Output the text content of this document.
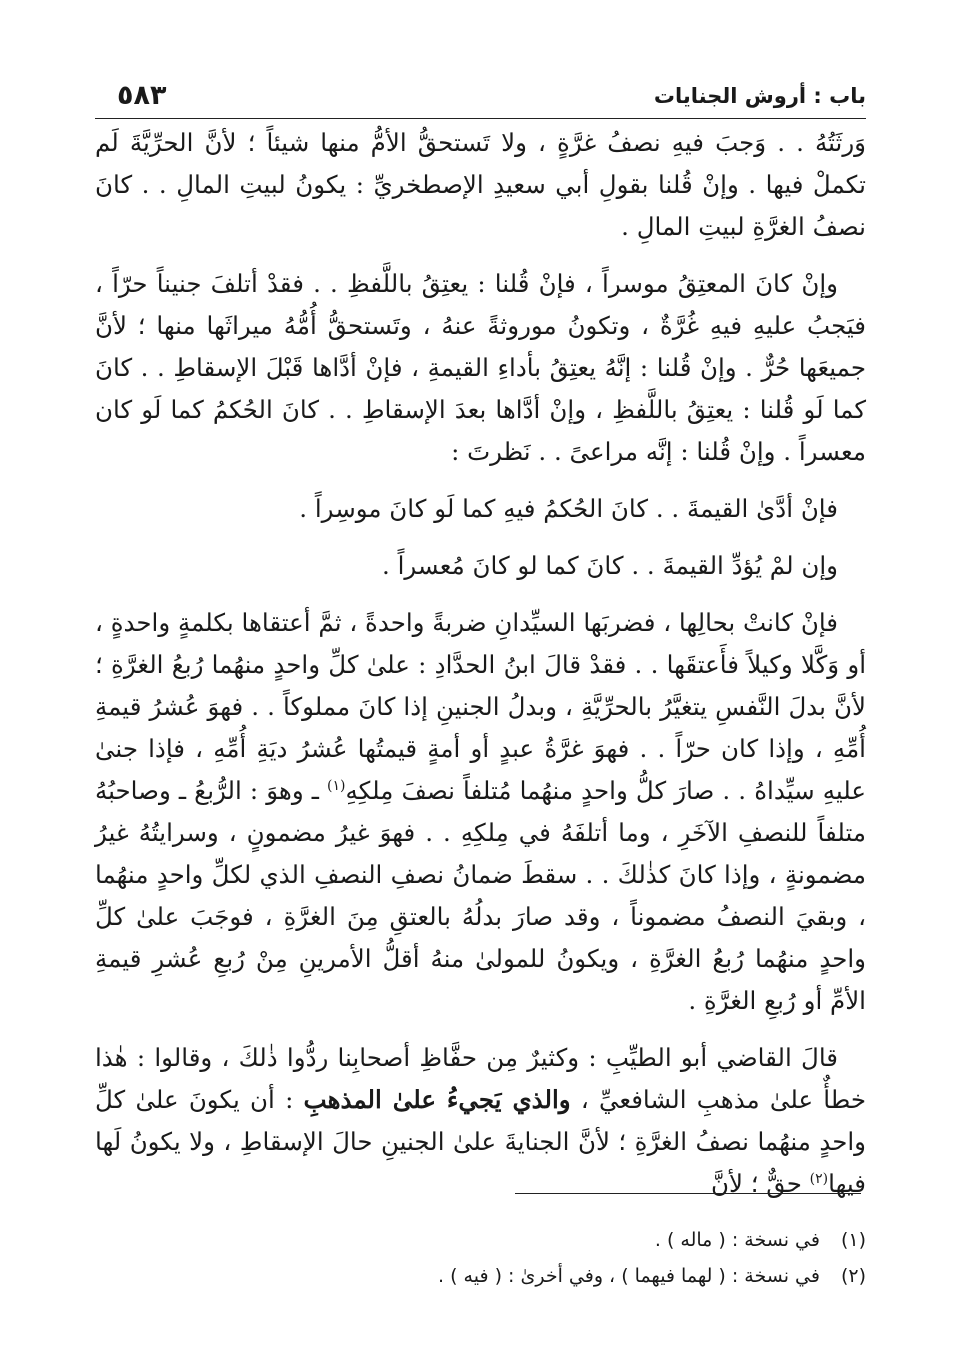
باب : أروش الجنايات
٥٨٣

وَرثَتُهُ . . وَجبَ فيهِ نصفُ غرَّةٍ ، ولا تَستحقُّ الأمُّ منها شيئاً ؛ لأنَّ الحرِّيَّةَ لَم تكملْ فيها . وإنْ قُلنا بقولِ أبي سعيدِ الإصطخريِّ : يكونُ لبيتِ المالِ . . كانَ نصفُ الغرَّةِ لبيتِ المالِ .

وإنْ كانَ المعتِقُ موسراً ، فإنْ قُلنا : يعتِقُ باللَّفظِ . . فقدْ أتلفَ جنيناً حرّاً ، فيَجبُ عليهِ فيهِ غُرَّةٌ ، وتكونُ موروثةً عنهُ ، وتَستحقُّ أُمُّهُ ميراثَها منها ؛ لأنَّ جميعَها حُرٌّ . وإنْ قُلنا : إنَّهُ يعتِقُ بأداءِ القيمةِ ، فإنْ أدَّاها قَبْلَ الإسقاطِ . . كانَ كما لَو قُلنا : يعتِقُ باللَّفظِ ، وإنْ أدَّاها بعدَ الإسقاطِ . . كانَ الحُكمُ كما لَو كان معسراً . وإنْ قُلنا : إنَّه مراعىً . . نَظرتَ :

فإنْ أدَّىٰ القيمةَ . . كانَ الحُكمُ فيهِ كما لَو كانَ موسِراً .

وإن لمْ يُؤدِّ القيمةَ . . كانَ كما لو كانَ مُعسراً .

فإنْ كانتْ بحالِها ، فضربَها السيِّدانِ ضربةً واحدةً ، ثمَّ أعتقاها بكلمةٍ واحدةٍ ، أو وَكَّلا وكيلاً فأَعتقَها . . فقدْ قالَ ابنُ الحدَّادِ : علىٰ كلِّ واحدٍ منهُما رُبعُ الغرَّةِ ؛ لأنَّ بدلَ النَّفسِ يتغيَّرُ بالحرِّيَّةِ ، وبدلُ الجنينِ إذا كانَ مملوكاً . . فهوَ عُشرُ قيمةِ أُمِّهِ ، وإذا كان حرّاً . . فهوَ غرَّةُ عبدٍ أو أمةٍ قيمتُها عُشرُ ديَةِ أُمِّهِ ، فإذا جنىٰ عليهِ سيِّداهُ . . صارَ كلُّ واحدٍ منهُما مُتلفاً نصفَ مِلكِهِ$^{(١)}$ ـ وهوَ : الرُّبعُ ـ وصاحبُهُ متلفاً للنصفِ الآخَرِ ، وما أتلفَهُ في مِلكِهِ . . فهوَ غيرُ مضمونٍ ، وسرايتُهُ غيرُ مضمونةٍ ، وإذا كانَ كذٰلكَ . . سقطَ ضمانُ نصفِ النصفِ الذي لكلِّ واحدٍ منهُما ، وبقيَ النصفُ مضموناً ، وقد صارَ بدلُهُ بالعتقِ مِنَ الغرَّةِ ، فوجَبَ علىٰ كلِّ واحدٍ منهُما رُبعُ الغرَّةِ ، ويكونُ للمولىٰ منهُ أقلُّ الأمرينِ مِنْ رُبعِ عُشرِ قيمةِ الأمِّ أو رُبعِ الغرَّةِ .

قالَ القاضي أبو الطيِّبِ : وكثيرٌ مِن حفَّاظِ أصحابِنا ردُّوا ذٰلكَ ، وقالوا : هٰذا خطأٌ علىٰ مذهبِ الشافعيِّ ، والذي يَجيءُ علىٰ المذهبِ : أن يكونَ علىٰ كلِّ واحدٍ منهُما نصفُ الغرَّةِ ؛ لأنَّ الجنايةَ علىٰ الجنينِ حالَ الإسقاطِ ، ولا يكونُ لَها فيها$^{(٢)}$ حقٌّ ؛ لأنَّ

(١) في نسخة : ( ماله ) .
(٢) في نسخة : ( لهما فيهما ) ، وفي أخرىٰ : ( فيه ) .
